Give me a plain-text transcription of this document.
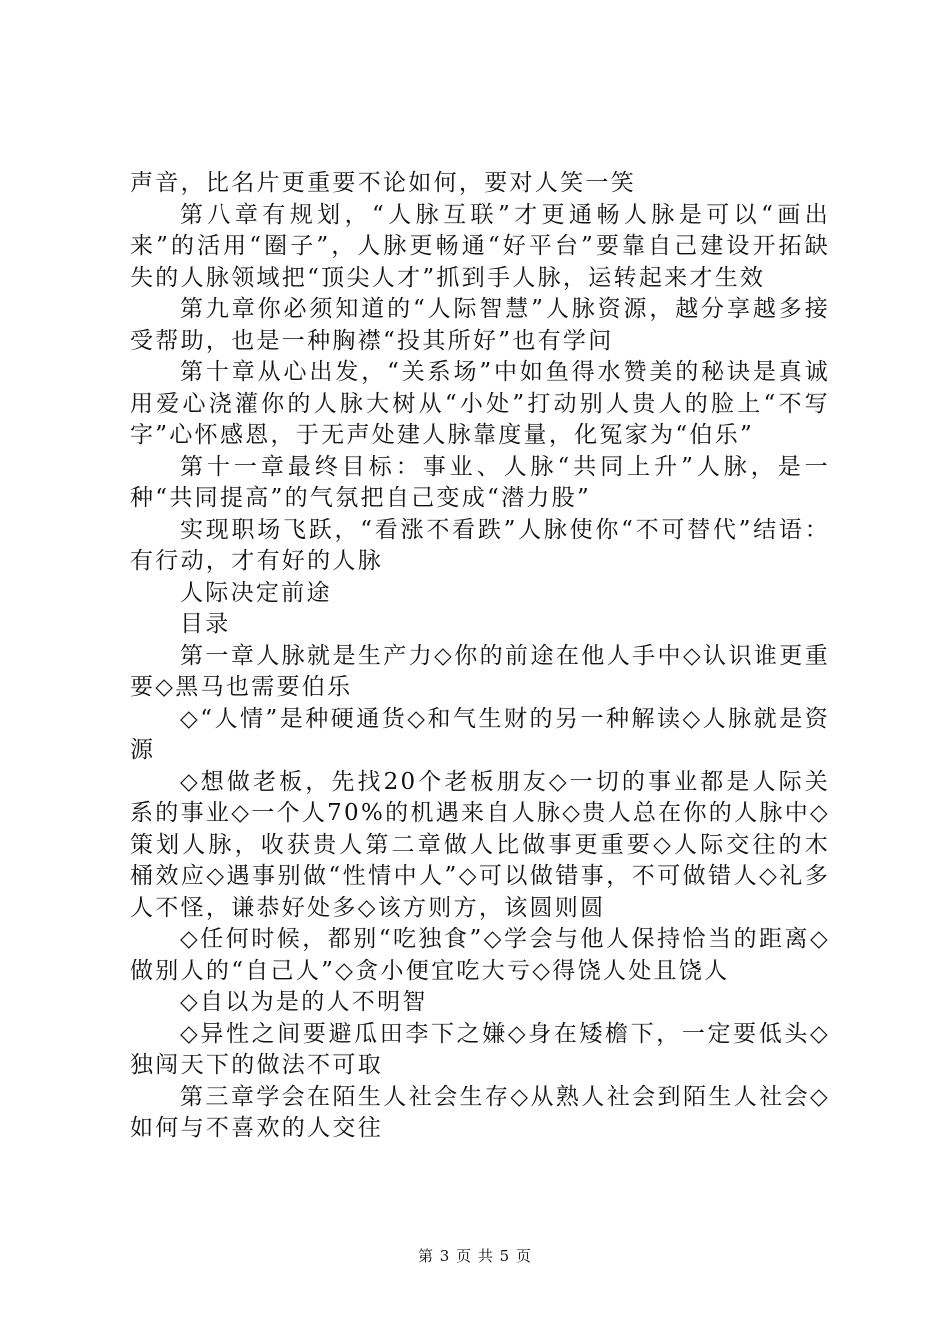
声音，比名片更重要不论如何，要对人笑一笑

第八章有规划，“人脉互联”才更通畅人脉是可以“画出来”的活用“圈子”，人脉更畅通“好平台”要靠自己建设开拓缺失的人脉领域把“顶尖人才”抓到手人脉，运转起来才生效

第九章你必须知道的“人际智慧”人脉资源，越分享越多接受帮助，也是一种胸襟“投其所好”也有学问

第十章从心出发，“关系场”中如鱼得水赞美的秘诀是真诚用爱心浇灌你的人脉大树从“小处”打动别人贵人的脸上“不写字”心怀感恩，于无声处建人脉靠度量，化冤家为“伯乐”

第十一章最终目标：事业、人脉“共同上升”人脉，是一种“共同提高”的气氛把自己变成“潜力股”

实现职场飞跃，“看涨不看跌”人脉使你“不可替代”结语：有行动，才有好的人脉

人际决定前途

目录

第一章人脉就是生产力◇你的前途在他人手中◇认识谁更重要◇黑马也需要伯乐

◇“人情”是种硬通货◇和气生财的另一种解读◇人脉就是资源

◇想做老板，先找20个老板朋友◇一切的事业都是人际关系的事业◇一个人70%的机遇来自人脉◇贵人总在你的人脉中◇策划人脉，收获贵人第二章做人比做事更重要◇人际交往的木桶效应◇遇事别做“性情中人”◇可以做错事，不可做错人◇礼多人不怪，谦恭好处多◇该方则方，该圆则圆

◇任何时候，都别“吃独食”◇学会与他人保持恰当的距离◇做别人的“自己人”◇贪小便宜吃大亏◇得饶人处且饶人

◇自以为是的人不明智

◇异性之间要避瓜田李下之嫌◇身在矮檐下，一定要低头◇独闯天下的做法不可取

第三章学会在陌生人社会生存◇从熟人社会到陌生人社会◇如何与不喜欢的人交往

第 3 页 共 5 页
